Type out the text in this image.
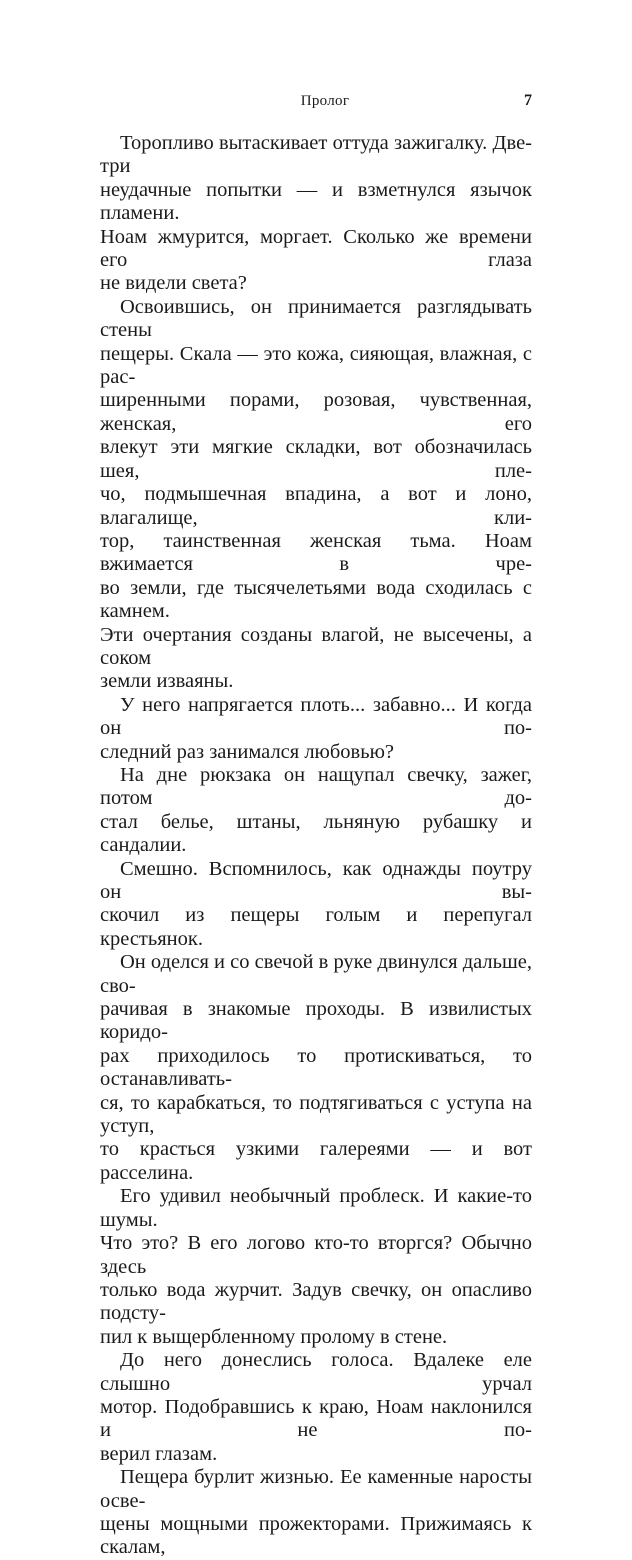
Пролог	7
Торопливо вытаскивает оттуда зажигалку. Две-три
неудачные попытки — и взметнулся язычок пламени.
Ноам жмурится, моргает. Сколько же времени его глаза
не видели света?
Освоившись, он принимается разглядывать стены
пещеры. Скала — это кожа, сияющая, влажная, с рас-
ширенными порами, розовая, чувственная, женская, его
влекут эти мягкие складки, вот обозначилась шея, пле-
чо, подмышечная впадина, а вот и лоно, влагалище, кли-
тор, таинственная женская тьма. Ноам вжимается в чре-
во земли, где тысячелетьями вода сходилась с камнем.
Эти очертания созданы влагой, не высечены, а соком
земли изваяны.
У него напрягается плоть... забавно... И когда он по-
следний раз занимался любовью?
На дне рюкзака он нащупал свечку, зажег, потом до-
стал белье, штаны, льняную рубашку и сандалии.
Смешно. Вспомнилось, как однажды поутру он вы-
скочил из пещеры голым и перепугал крестьянок.
Он оделся и со свечой в руке двинулся дальше, сво-
рачивая в знакомые проходы. В извилистых коридо-
рах приходилось то протискиваться, то останавливать-
ся, то карабкаться, то подтягиваться с уступа на уступ,
то красться узкими галереями — и вот расселина.
Его удивил необычный проблеск. И какие-то шумы.
Что это? В его логово кто-то вторгся? Обычно здесь
только вода журчит. Задув свечку, он опасливо подсту-
пил к выщербленному пролому в стене.
До него донеслись голоса. Вдалеке еле слышно урчал
мотор. Подобравшись к краю, Ноам наклонился и не по-
верил глазам.
Пещера бурлит жизнью. Ее каменные наросты освe-
щены мощными прожекторами. Прижимаясь к скалам,
